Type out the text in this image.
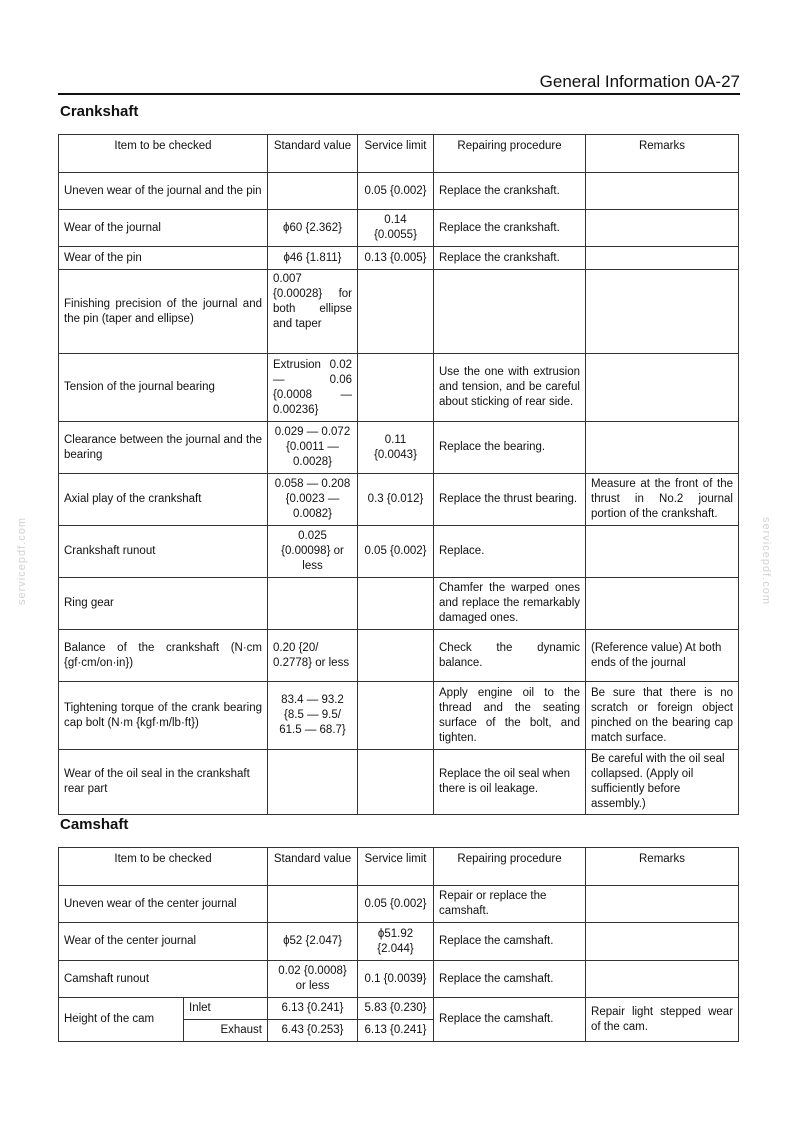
General Information 0A-27
servicepdf.com	servicepdf.com
Crankshaft
Item to be checked	Standard value	Service limit	Repairing procedure	Remarks
Uneven wear of the journal and the pin		0.05 {0.002}	Replace the crankshaft.	
Wear of the journal	ϕ60 {2.362}	0.14 {0.0055}	Replace the crankshaft.	
Wear of the pin	ϕ46 {1.811}	0.13 {0.005}	Replace the crankshaft.	
Finishing precision of the journal and the pin (taper and ellipse)	0.007 {0.00028} for both ellipse and taper			
Tension of the journal bearing	Extrusion 0.02 — 0.06 {0.0008 — 0.00236}		Use the one with extrusion and tension, and be careful about sticking of rear side.	
Clearance between the journal and the bearing	0.029 — 0.072 {0.0011 — 0.0028}	0.11 {0.0043}	Replace the bearing.	
Axial play of the crankshaft	0.058 — 0.208 {0.0023 — 0.0082}	0.3 {0.012}	Replace the thrust bearing.	Measure at the front of the thrust in No.2 journal portion of the crankshaft.
Crankshaft runout	0.025 {0.00098} or less	0.05 {0.002}	Replace.	
Ring gear			Chamfer the warped ones and replace the remarkably damaged ones.	
Balance of the crankshaft (N·cm {gf·cm/on·in})	0.20 {20/ 0.2778} or less		Check the dynamic balance.	(Reference value) At both ends of the journal
Tightening torque of the crank bearing cap bolt (N·m {kgf·m/lb·ft})	83.4 — 93.2 {8.5 — 9.5/ 61.5 — 68.7}		Apply engine oil to the thread and the seating surface of the bolt, and tighten.	Be sure that there is no scratch or foreign object pinched on the bearing cap match surface.
Wear of the oil seal in the crankshaft rear part			Replace the oil seal when there is oil leakage.	Be careful with the oil seal collapsed. (Apply oil sufficiently before assembly.)
Camshaft
Item to be checked		Standard value	Service limit	Repairing procedure	Remarks
Uneven wear of the center journal			0.05 {0.002}	Repair or replace the camshaft.	
Wear of the center journal		ϕ52 {2.047}	ϕ51.92 {2.044}	Replace the camshaft.	
Camshaft runout		0.02 {0.0008} or less	0.1 {0.0039}	Replace the camshaft.	
Height of the cam	Inlet	6.13 {0.241}	5.83 {0.230}	Replace the camshaft.	Repair light stepped wear of the cam.
	Exhaust	6.43 {0.253}	6.13 {0.241}		
